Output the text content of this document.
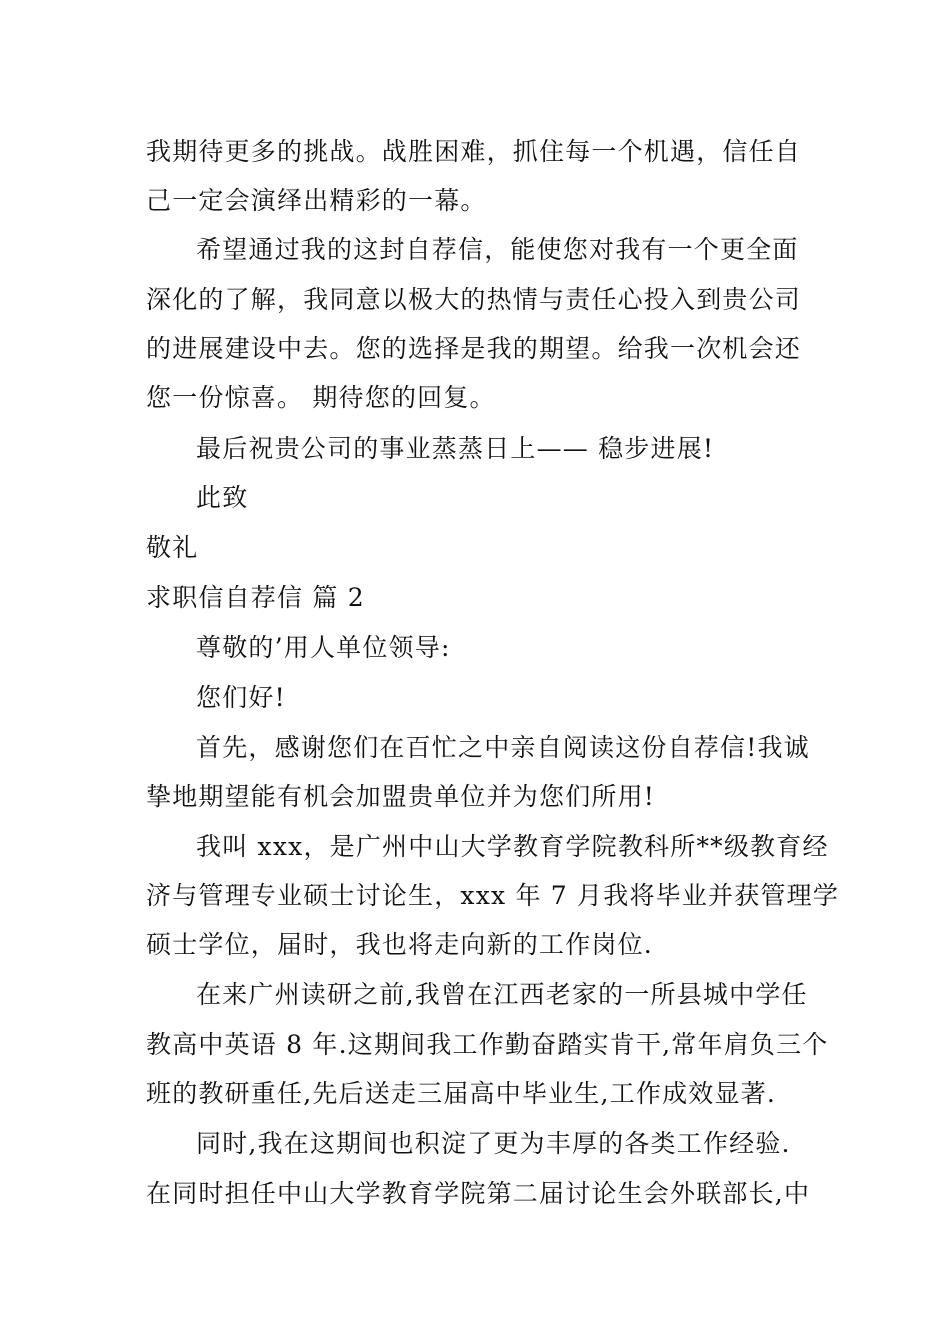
我期待更多的挑战。战胜困难，抓住每一个机遇，信任自
己一定会演绎出精彩的一幕。
希望通过我的这封自荐信，能使您对我有一个更全面
深化的了解，我同意以极大的热情与责任心投入到贵公司
的进展建设中去。您的选择是我的期望。给我一次机会还
您一份惊喜。 期待您的回复。
最后祝贵公司的事业蒸蒸日上—— 稳步进展!
此致
敬礼
求职信自荐信 篇 2
尊敬的’用人单位领导:
您们好!
首先，感谢您们在百忙之中亲自阅读这份自荐信!我诚
挚地期望能有机会加盟贵单位并为您们所用!
我叫 xxx，是广州中山大学教育学院教科所**级教育经
济与管理专业硕士讨论生，xxx 年 7 月我将毕业并获管理学
硕士学位，届时，我也将走向新的工作岗位.
在来广州读研之前,我曾在江西老家的一所县城中学任
教高中英语 8 年.这期间我工作勤奋踏实肯干,常年肩负三个
班的教研重任,先后送走三届高中毕业生,工作成效显著.
同时,我在这期间也积淀了更为丰厚的各类工作经验.
在同时担任中山大学教育学院第二届讨论生会外联部长,中
